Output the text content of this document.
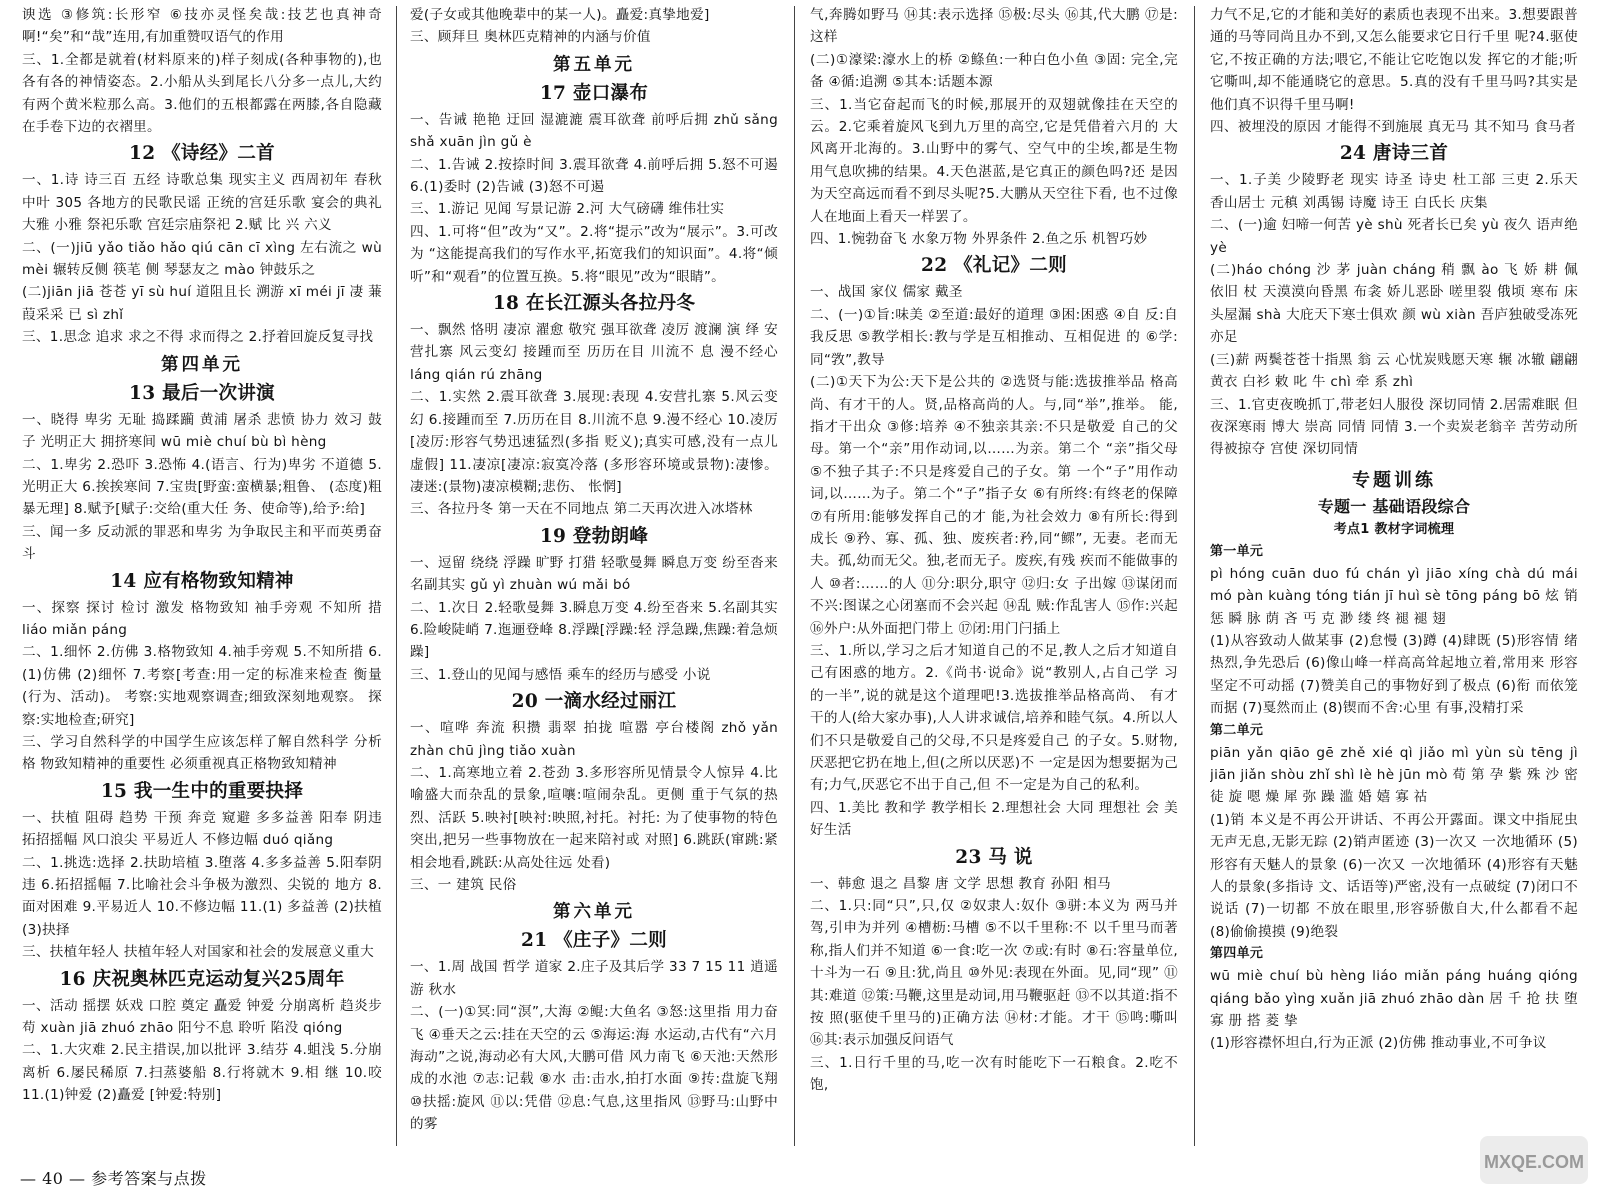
谀选 ③修筑:长形窄 ⑥技亦灵怪矣哉:技艺也真神奇 啊!“矣”和“哉”连用,有加重赞叹语气的作用

三、1.全都是就着(材料原来的)样子刻成(各种事物的),也 各有各的神情姿态。2.小船从头到尾长八分多一点儿,大约 有两个黄米粒那么高。3.他们的五根都露在两膝,各自隐藏 在手卷下边的衣褶里。

12 《诗经》二首

一、1.诗 诗三百 五经 诗歌总集 现实主义 西周初年 春秋中叶 305 各地方的民歌民谣 正统的宫廷乐歌 宴会的典礼 大雅 小雅 祭祀乐歌 宫廷宗庙祭祀 2.赋 比 兴 六义

二、(一)jiū yǎo tiǎo hǎo qiú cān cī xìng 左右流之 wù mèi 辗转反侧 筷芼 侧 琴瑟友之 mào 钟鼓乐之

(二)jiān jiā 苍苍 yī sù huí 道阻且长 溯游 xī méi jī 凄 蒹葭采采 已 sì zhǐ

三、1.思念 追求 求之不得 求而得之 2.抒着回旋反复寻找

第四单元

13 最后一次讲演

一、晓得 卑劣 无耻 捣蹂躏 黄浦 屠杀 悲愤 协力 效习 鼓子 光明正大 拥挤寒间 wū miè chuí bù bì hèng

二、1.卑劣 2.恐吓 3.恐怖 4.(语言、行为)卑劣 不道德 5.光明正大 6.挨挨寒间 7.宝贵[野蛮:蛮横暴;粗鲁、 (态度)粗暴无理] 8.赋予[赋子:交给(重大任 务、使命等),给予:给]

三、闻一多 反动派的罪恶和卑劣 为争取民主和平而英勇奋斗

14 应有格物致知精神

一、探察 探讨 检讨 激发 格物致知 袖手旁观 不知所 措 liáo miǎn páng

二、1.细怀 2.仿佛 3.格物致知 4.袖手旁观 5.不知所措 6.(1)仿佛 (2)细怀 7.考察[考查:用一定的标准来检查 衡量(行为、活动)。 考察:实地观察调查;细致深刻地观察。 探察:实地检查;研究]

三、学习自然科学的中国学生应该怎样了解自然科学 分析格 物致知精神的重要性 必须重视真正格物致知精神

15 我一生中的重要抉择

一、扶植 阻碍 趋势 干预 奔竞 窥避 多多益善 阳奉 阴违 拓招摇幅 风口浪尖 平易近人 不修边幅 duó qiǎng

二、1.挑选:选择 2.扶助培植 3.堕落 4.多多益善 5.阳奉阴违 6.拓招摇幅 7.比喻社会斗争极为激烈、尖锐的 地方 8.面对困难 9.平易近人 10.不修边幅 11.(1) 多益善 (2)扶植 (3)抉择

三、扶植年轻人 扶植年轻人对国家和社会的发展意义重大

16 庆祝奥林匹克运动复兴25周年

一、活动 摇摆 妖戏 口腔 奠定 矗爱 钟爱 分崩离析 趋炎步苟 xuàn jiā zhuó zhāo 阳兮不息 聆听 陷没 qióng

二、1.大灾难 2.民主措误,加以批评 3.结芬 4.蛆浅 5.分崩离析 6.屡民稀原 7.扫蒸婆船 8.行将就木 9.相 继 10.咬 11.(1)钟爱 (2)矗爱 [钟爱:特别]

爱(子女或其他晚辈中的某一人)。矗爱:真挚地爱]

三、顾拜旦 奥林匹克精神的内涵与价值

第五单元

17 壶口瀑布

一、告诫 艳艳 迂回 湿漉漉 震耳欲聋 前呼后拥 zhǔ sǎng shǎ xuān jìn gǔ è

二、1.告诫 2.按捺时间 3.震耳欲聋 4.前呼后拥 5.怒不可遏 6.(1)委时 (2)告诫 (3)怒不可遏

三、1.游记 见闻 写景记游 2.河 大气磅礴 维伟壮实

四、1.可将“但”改为“又”。2.将“提示”改为“展示”。3.可改为 “这能提高我们的写作水平,拓宽我们的知识面”。4.将“倾 听”和“观看”的位置互换。5.将“眼见”改为“眼睛”。

18 在长江源头各拉丹冬

一、飘然 恪明 凄凉 濯愈 敬究 强耳欲聋 凌厉 渡澜 演 绎 安营扎寨 风云变幻 接踵而至 历历在目 川流不 息 漫不经心 láng qián rú zhāng

二、1.实然 2.震耳欲聋 3.展现:表现 4.安营扎寨 5.风云变幻 6.接踵而至 7.历历在目 8.川流不息 9.漫不经心 10.凌厉[凌厉:形容气势迅速猛烈(多指 贬义);真实可感,没有一点儿虚假] 11.凄凉[凄凉:寂寞冷落 (多形容环境或景物):凄惨。凄迷:(景物)凄凉模糊;悲伤、 怅惘]

三、各拉丹冬 第一天在不同地点 第二天再次进入冰塔林

19 登勃朗峰

一、逗留 绕绕 浮躁 旷野 打猎 轻歌曼舞 瞬息万变 纷至沓来 名副其实 gǔ yì zhuàn wú mǎi bó

二、1.次日 2.轻歌曼舞 3.瞬息万变 4.纷至沓来 5.名副其实 6.险峻陡峭 7.迤逦登峰 8.浮躁[浮躁:轻 浮急躁,焦躁:着急烦躁]

三、1.登山的见闻与感悟 乘车的经历与感受 小说

20 一滴水经过丽江

一、喧哗 奔流 积攒 翡翠 拍拢 喧嚣 亭台楼阁 zhǒ yǎn zhàn chū jìng tiǎo xuàn

二、1.高寒地立着 2.苍劲 3.多形容所见情景令人惊异 4.比喻盛大而杂乱的景象,喧嚷:喧闹杂乱。更侧 重于气氛的热烈、活跃 5.映衬[映衬:映照,衬托。衬托: 为了使事物的特色突出,把另一些事物放在一起来陪衬或 对照] 6.跳跃(窜跳:紧相会地看,跳跃:从高处往远 处看)

三、一 建筑 民俗

第六单元

21 《庄子》二则

一、1.周 战国 哲学 道家 2.庄子及其后学 33 7 15 11 逍遥游 秋水

二、(一)①冥:同“溟”,大海 ②鲲:大鱼名 ③怒:这里指 用力奋飞 ④垂天之云:挂在天空的云 ⑤海运:海 水运动,古代有“六月海动”之说,海动必有大风,大鹏可借 风力南飞 ⑥天池:天然形成的水池 ⑦志:记载 ⑧水 击:击水,拍打水面 ⑨抟:盘旋飞翔 ⑩扶摇:旋风 ⑪以:凭借 ⑫息:气息,这里指风 ⑬野马:山野中的雾

气,奔腾如野马 ⑭其:表示选择 ⑮极:尽头 ⑯其,代大鹏 ⑰是:这样

(二)①濠梁:濠水上的桥 ②鲦鱼:一种白色小鱼 ③固: 完全,完备 ④循:追溯 ⑤其本:话题本源

三、1.当它奋起而飞的时候,那展开的双翅就像挂在天空的云。2.它乘着旋风飞到九万里的高空,它是凭借着六月的 大风离开北海的。3.山野中的雾气、空气中的尘埃,都是生物 用气息吹拂的结果。4.天色湛蓝,是它真正的颜色吗?还 是因为天空高远而看不到尽头呢?5.大鹏从天空往下看, 也不过像人在地面上看天一样罢了。

四、1.惋勃奋飞 水象万物 外界条件 2.鱼之乐 机智巧妙

22 《礼记》二则

一、战国 家仪 儒家 戴圣

二、(一)①旨:味美 ②至道:最好的道理 ③困:困惑 ④自 反:自我反思 ⑤教学相长:教与学是互相推动、互相促进 的 ⑥学:同“敩”,教导

(二)①天下为公:天下是公共的 ②选贤与能:选拔推举品 格高尚、有才干的人。贤,品格高尚的人。与,同“举”,推举。 能,指才干出众 ③修:培养 ④不独亲其亲:不只是敬爱 自己的父母。第一个“亲”用作动词,以……为亲。第二个 “亲”指父母 ⑤不独子其子:不只是疼爱自己的子女。第 一个“子”用作动词,以……为子。第二个“子”指子女 ⑥有所终:有终老的保障 ⑦有所用:能够发挥自己的才 能,为社会效力 ⑧有所长:得到成长 ⑨矜、寡、孤、独、废疾者:矜,同“鳏”, 无妻。老而无夫。孤,幼而无父。独,老而无子。废疾,有残 疾而不能做事的人 ⑩者:……的人 ⑪分:职分,职守 ⑫归:女 子出嫁 ⑬谋闭而不兴:图谋之心闭塞而不会兴起 ⑭乱 贼:作乱害人 ⑮作:兴起 ⑯外户:从外面把门带上 ⑰闭:用门闩插上

三、1.所以,学习之后才知道自己的不足,教人之后才知道自 己有困惑的地方。2.《尚书·说命》说“教别人,占自己学 习的一半”,说的就是这个道理吧!3.选拔推举品格高尚、 有才干的人(给大家办事),人人讲求诚信,培养和睦气氛。4.所以人们不只是敬爱自己的父母,不只是疼爱自己 的子女。5.财物,厌恶把它扔在地上,但(之所以厌恶)不 一定是因为想要据为己有;力气,厌恶它不出于自己,但 不一定是为自己的私利。

四、1.美比 教和学 教学相长 2.理想社会 大同 理想社 会 美好生活

23 马 说

一、韩愈 退之 昌黎 唐 文学 思想 教育 孙阳 相马

二、1.只:同“只”,只,仅 ②奴隶人:奴仆 ③骈:本义为 两马并驾,引申为并列 ④槽枥:马槽 ⑤不以千里称:不 以千里马而著称,指人们并不知道 ⑥一食:吃一次 ⑦或:有时 ⑧石:容量单位,十斗为一石 ⑨且:犹,尚且 ⑩外见:表现在外面。见,同“现” ⑪其:难道 ⑫策:马鞭,这里是动词,用马鞭驱赶 ⑬不以其道:指不按 照(驱使千里马的)正确方法 ⑭材:才能。才干 ⑮鸣:嘶叫 ⑯其:表示加强反问语气

三、1.日行千里的马,吃一次有时能吃下一石粮食。2.吃不饱,

力气不足,它的才能和美好的素质也表现不出来。3.想要跟普通的马等同尚且办不到,又怎么能要求它日行千里 呢?4.驱使它,不按正确的方法;喂它,不能让它吃饱以发 挥它的才能;听它嘶叫,却不能通晓它的意思。5.真的没有千里马吗?其实是他们真不识得千里马啊!

四、被埋没的原因 才能得不到施展 真无马 其不知马 食马者

24 唐诗三首

一、1.子美 少陵野老 现实 诗圣 诗史 杜工部 三吏 2.乐天 香山居士 元稹 刘禹锡 诗魔 诗王 白氏长 庆集

二、(一)逾 妇啼一何苦 yè shù 死者长已矣 yù 夜久 语声绝 yè

(二)háo chóng 沙 茅 juàn cháng 稍 飘 ào 飞 娇 耕 佩 依旧 杖 天漠漠向昏黑 布衾 娇儿恶卧 嗟里裂 俄顷 寒布 床头屋漏 shà 大庇天下寒士俱欢 颜 wù xiàn 吾庐独破受冻死亦足

(三)薪 两鬓苍苍十指黑 翁 云 心忧炭贱愿天寒 辗 冰辙 翩翩 黄衣 白衫 敕 叱 牛 chì 牵 系 zhì

三、1.官吏夜晚抓丁,带老妇人服役 深切同情 2.居需难眠 但夜深寒雨 博大 崇高 同情 同情 3.一个卖炭老翁辛 苦劳动所得被掠夺 宫使 深切同情

专题训练

专题一 基础语段综合

考点1 教材字词梳理

第一单元

pì hóng cuān duo fú chán yì jiāo xíng chà dú mái mó pàn kuàng tóng tián jī huì sè tōng páng bō 炫 销 惩 瞬 脉 荫 吝 丐 克 渺 缕 终 褪 褪 翅

(1)从容致动人做某事 (2)怠慢 (3)蹲 (4)肆既 (5)形容情 绪热烈,争先恐后 (6)像山峰一样高高耸起地立着,常用来 形容坚定不可动摇 (7)赞美自己的事物好到了极点 (6)衔 而依笼而据 (7)戛然而止 (8)锲而不舍:心里 有事,没精打采

第二单元

piān yǎn qiāo gē zhě xié qì jiǎo mì yùn sù tēng jì jiān jiǎn shòu zhǐ shì lè hè jūn mò 荀 第 孕 紫 殊 沙 密 徒 旋 嗯 燥 犀 弥 躁 滥 婚 嬉 寡 祜

(1)销 本义是不再公开讲话、不再公开露面。课文中指屁虫 无声无息,无影无踪 (2)销声匿迹 (3)一次又 一次地循环 (5)形容有天魅人的景象 (6)一次又 一次地循环 (4)形容有天魅人的景象(多指诗 文、话语等)严密,没有一点破绽 (7)闭口不说话 (7)一切都 不放在眼里,形容骄傲自大,什么都看不起 (8)偷偷摸摸 (9)绝裂

第四单元

wū miè chuí bù hèng liáo miǎn páng huáng qióng qiáng bǎo yìng xuǎn jiā zhuó zhāo dàn 居 千 抢 扶 堕 寡 册 搭 菱 挚

(1)形容襟怀坦白,行为正派 (2)仿佛 推动事业,不可争议

— 40 — 参考答案与点拨
MXQE.COM
